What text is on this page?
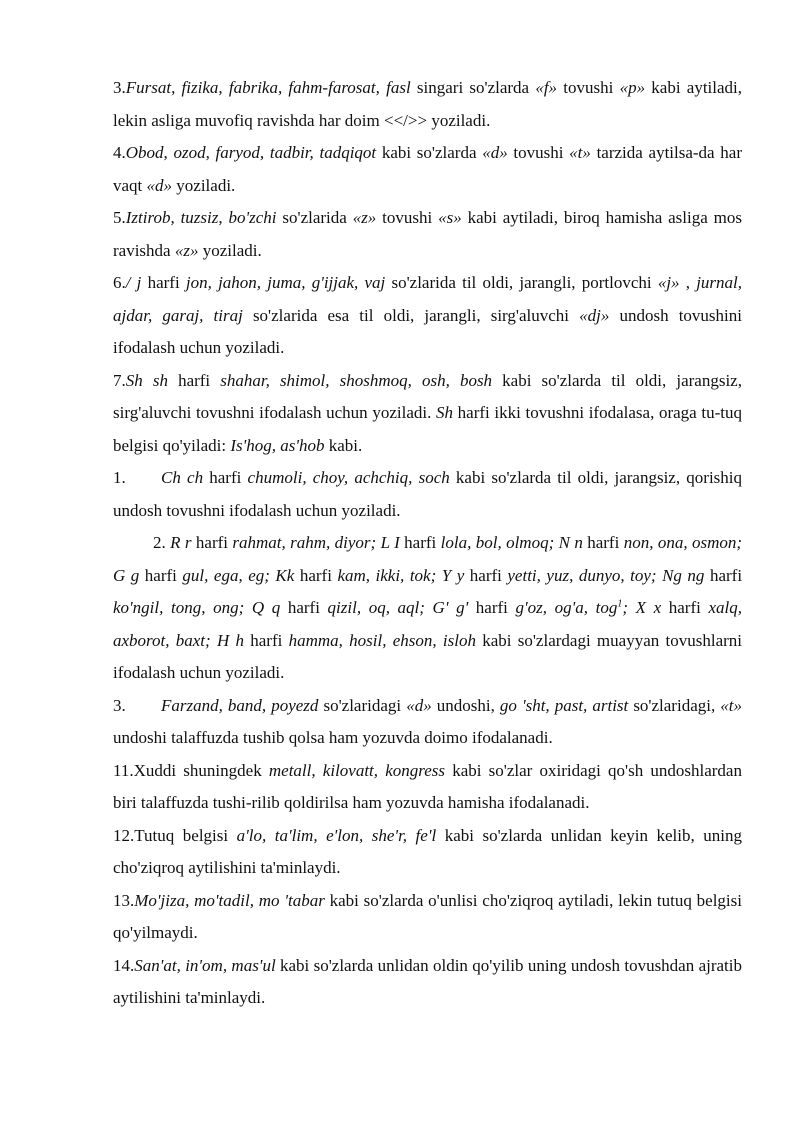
3.Fursat, fizika, fabrika, fahm-farosat, fasl singari so'zlarda «f» tovushi «p» kabi aytiladi, lekin asliga muvofiq ravishda har doim <</>> yoziladi.

4.Obod, ozod, faryod, tadbir, tadqiqot kabi so'zlarda «d» tovushi «t» tarzida aytilsa-da har vaqt «d» yoziladi.

5.Iztirob, tuzsiz, bo'zchi so'zlarida «z» tovushi «s» kabi aytiladi, biroq hamisha asliga mos ravishda «z» yoziladi.

6./ j harfi jon, jahon, juma, g'ijjak, vaj so'zlarida til oldi, jarangli, portlovchi «j» , jurnal, ajdar, garaj, tiraj so'zlarida esa til oldi, jarangli, sirg'aluvchi «dj» undosh tovushini ifodalash uchun yoziladi.

7.Sh sh harfi shahar, shimol, shoshmoq, osh, bosh kabi so'zlarda til oldi, jarangsiz, sirg'aluvchi tovushni ifodalash uchun yoziladi. Sh harfi ikki tovushni ifodalasa, oraga tu-tuq belgisi qo'yiladi: Is'hog, as'hob kabi.

1. Ch ch harfi chumoli, choy, achchiq, soch kabi so'zlarda til oldi, jarangsiz, qorishiq undosh tovushni ifodalash uchun yoziladi.

2. R r harfi rahmat, rahm, diyor; L I harfi lola, bol, olmoq; N n harfi non, ona, osmon; G g harfi gul, ega, eg; Kk harfi kam, ikki, tok; Y y harfi yetti, yuz, dunyo, toy; Ng ng harfi ko'ngil, tong, ong; Q q harfi qizil, oq, aql; G' g' harfi g'oz, og'a, tog$^1$; X x harfi xalq, axborot, baxt; H h harfi hamma, hosil, ehson, isloh kabi so'zlardagi muayyan tovushlarni ifodalash uchun yoziladi.

3. Farzand, band, poyezd so'zlaridagi «d» undoshi, go 'sht, past, artist so'zlaridagi, «t» undoshi talaffuzda tushib qolsa ham yozuvda doimo ifodalanadi.

11.Xuddi shuningdek metall, kilovatt, kongress kabi so'zlar oxiridagi qo'sh undoshlardan biri talaffuzda tushi-rilib qoldirilsa ham yozuvda hamisha ifodalanadi.

12.Tutuq belgisi a'lo, ta'lim, e'lon, she'r, fe'l kabi so'zlarda unlidan keyin kelib, uning cho'ziqroq aytilishini ta'minlaydi.

13.Mo'jiza, mo'tadil, mo 'tabar kabi so'zlarda o'unlisi cho'ziqroq aytiladi, lekin tutuq belgisi qo'yilmaydi.

14.San'at, in'om, mas'ul kabi so'zlarda unlidan oldin qo'yilib uning undosh tovushdan ajratib aytilishini ta'minlaydi.
